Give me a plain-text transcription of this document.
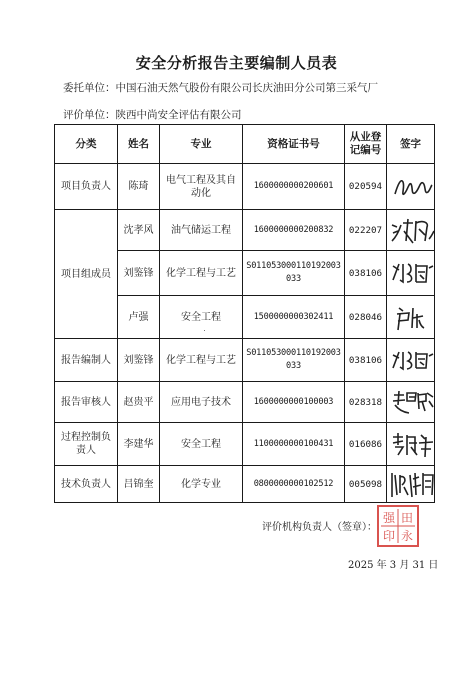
安全分析报告主要编制人员表
委托单位：中国石油天然气股份有限公司长庆油田分公司第三采气厂
评价单位：陕西中尚安全评估有限公司
分类	姓名	专业	资格证书号	从业登记编号	签字
项目负责人	陈琦	电气工程及其自动化	1600000000200601	020594	

项目组成员	沈孝风	油气储运工程	1600000000200832	022207	

	刘鉴锋	化学工程与工艺	S011053000110192003033	038106	

	卢强	安全工程	1500000000302411	028046	

报告编制人	刘鉴锋	化学工程与工艺	S011053000110192003033	038106	

报告审核人	赵贵平	应用电子技术	1600000000100003	028318	

过程控制负责人	李建华	安全工程	1100000000100431	016086	

技术负责人	吕锦奎	化学专业	0800000000102512	005098	
评价机构负责人（签章）：
强 田
印 永
2025 年 3 月 31 日
